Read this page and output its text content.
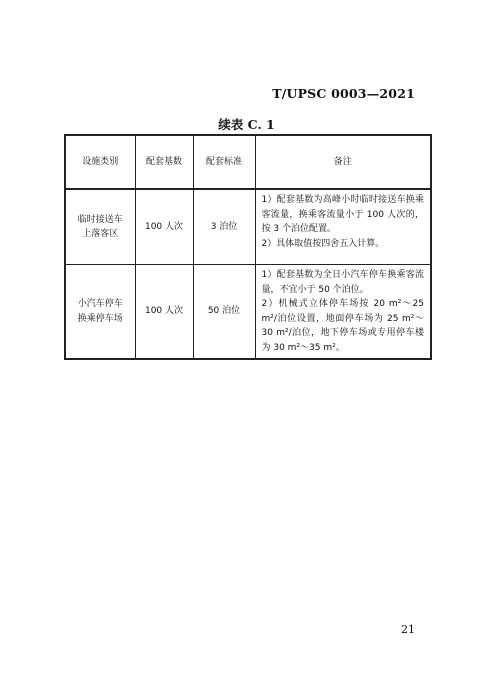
T/UPSC 0003—2021
续表 C. 1
设施类别	配套基数	配套标准	备注
临时接送车上落客区	100 人次	3 泊位	1）配套基数为高峰小时临时接送车换乘客流量，换乘客流量小于 100 人次的，按 3 个泊位配置。

2）具体取值按四舍五入计算。

小汽车停车换乘停车场	100 人次	50 泊位	1）配套基数为全日小汽车停车换乘客流量，不宜小于 50 个泊位。

2）机械式立体停车场按 20 m²～25 m²/泊位设置，地面停车场为 25 m²～30 m²/泊位，地下停车场或专用停车楼为 30 m²～35 m²。

21
